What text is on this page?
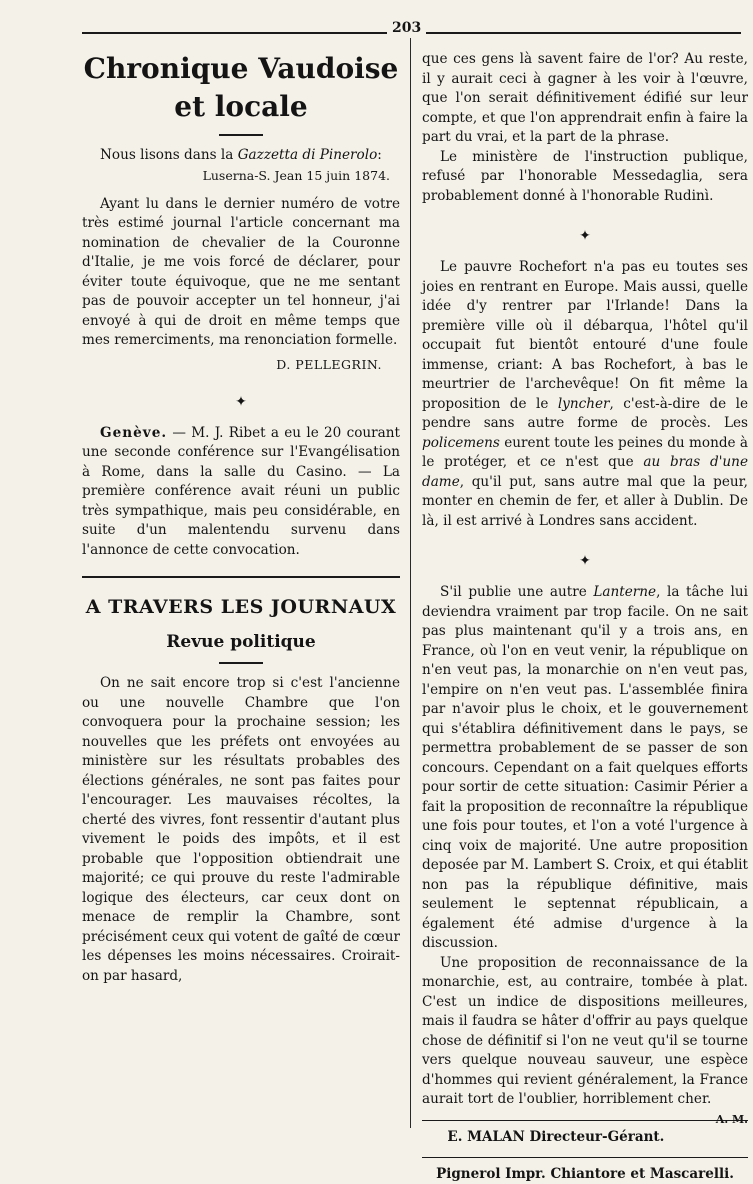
203
Chronique Vaudoise
et locale

Nous lisons dans la Gazzetta di Pinerolo:

Luserna-S. Jean 15 juin 1874.

Ayant lu dans le dernier numéro de votre très estimé journal l'article concernant ma nomination de chevalier de la Couronne d'Italie, je me vois forcé de déclarer, pour éviter toute équivoque, que ne me sentant pas de pouvoir accepter un tel honneur, j'ai envoyé à qui de droit en même temps que mes remerciments, ma renonciation formelle.

D. PELLEGRIN.
✦

Genève. — M. J. Ribet a eu le 20 courant une seconde conférence sur l'Evangélisation à Rome, dans la salle du Casino. — La première conférence avait réuni un public très sympathique, mais peu considérable, en suite d'un malentendu survenu dans l'annonce de cette convocation.

A TRAVERS LES JOURNAUX
Revue politique

On ne sait encore trop si c'est l'ancienne ou une nouvelle Chambre que l'on convoquera pour la prochaine session; les nouvelles que les préfets ont envoyées au ministère sur les résultats probables des élections générales, ne sont pas faites pour l'encourager. Les mauvaises récoltes, la cherté des vivres, font ressentir d'autant plus vivement le poids des impôts, et il est probable que l'opposition obtiendrait une majorité; ce qui prouve du reste l'admirable logique des électeurs, car ceux dont on menace de remplir la Chambre, sont précisément ceux qui votent de gaîté de cœur les dépenses les moins nécessaires. Croirait-on par hasard,

que ces gens là savent faire de l'or? Au reste, il y aurait ceci à gagner à les voir à l'œuvre, que l'on serait définitivement édifié sur leur compte, et que l'on apprendrait enfin à faire la part du vrai, et la part de la phrase.

Le ministère de l'instruction publique, refusé par l'honorable Messedaglia, sera probablement donné à l'honorable Rudinì.

✦

Le pauvre Rochefort n'a pas eu toutes ses joies en rentrant en Europe. Mais aussi, quelle idée d'y rentrer par l'Irlande! Dans la première ville où il débarqua, l'hôtel qu'il occupait fut bientôt entouré d'une foule immense, criant: A bas Rochefort, à bas le meurtrier de l'archevêque! On fit même la proposition de le lyncher, c'est-à-dire de le pendre sans autre forme de procès. Les policemens eurent toute les peines du monde à le protéger, et ce n'est que au bras d'une dame, qu'il put, sans autre mal que la peur, monter en chemin de fer, et aller à Dublin. De là, il est arrivé à Londres sans accident.

✦

S'il publie une autre Lanterne, la tâche lui deviendra vraiment par trop facile. On ne sait pas plus maintenant qu'il y a trois ans, en France, où l'on en veut venir, la république on n'en veut pas, la monarchie on n'en veut pas, l'empire on n'en veut pas. L'assemblée finira par n'avoir plus le choix, et le gouvernement qui s'établira définitivement dans le pays, se permettra probablement de se passer de son concours. Cependant on a fait quelques efforts pour sortir de cette situation: Casimir Périer a fait la proposition de reconnaître la république une fois pour toutes, et l'on a voté l'urgence à cinq voix de majorité. Une autre proposition deposée par M. Lambert S. Croix, et qui établit non pas la république définitive, mais seulement le septennat républicain, a également été admise d'urgence à la discussion.

Une proposition de reconnaissance de la monarchie, est, au contraire, tombée à plat. C'est un indice de dispositions meilleures, mais il faudra se hâter d'offrir au pays quelque chose de définitif si l'on ne veut qu'il se tourne vers quelque nouveau sauveur, une espèce d'hommes qui revient généralement, la France aurait tort de l'oublier, horriblement cher.
A. M.

E. MALAN Directeur-Gérant.

Pignerol Impr. Chiantore et Mascarelli.
